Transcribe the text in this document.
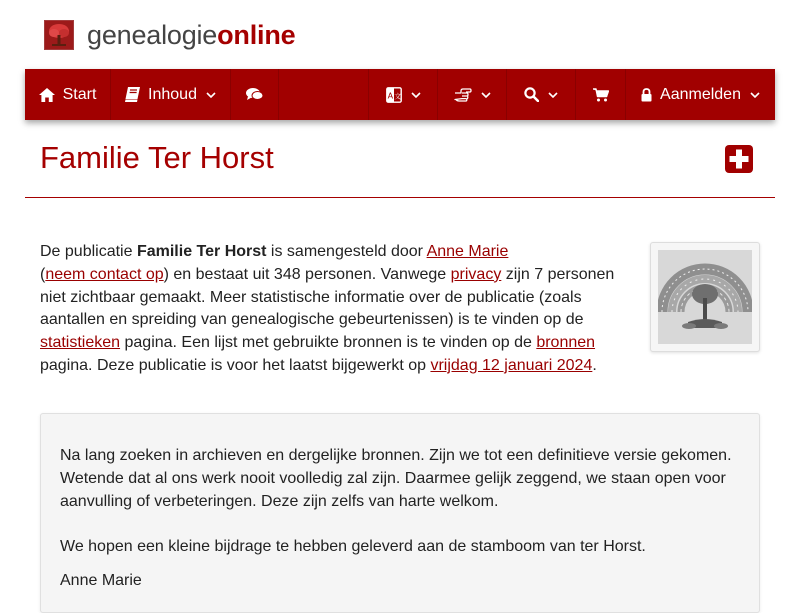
genealogieonline
Start	Inhoud	A 文	Aanmelden
Familie Ter Horst

De publicatie Familie Ter Horst is samengesteld door Anne Marie
(neem contact op) en bestaat uit 348 personen. Vanwege privacy zijn 7 personen niet zichtbaar gemaakt. Meer statistische informatie over de publicatie (zoals aantallen en spreiding van genealogische gebeurtenissen) is te vinden op de statistieken pagina. Een lijst met gebruikte bronnen is te vinden op de bronnen pagina. Deze publicatie is voor het laatst bijgewerkt op vrijdag 12 januari 2024.

Na lang zoeken in archieven en dergelijke bronnen. Zijn we tot een definitieve versie gekomen. Wetende dat al ons werk nooit voolledig zal zijn. Daarmee gelijk zeggend, we staan open voor aanvulling of verbeteringen. Deze zijn zelfs van harte welkom.

We hopen een kleine bijdrage te hebben geleverd aan de stamboom van ter Horst.

Anne Marie
